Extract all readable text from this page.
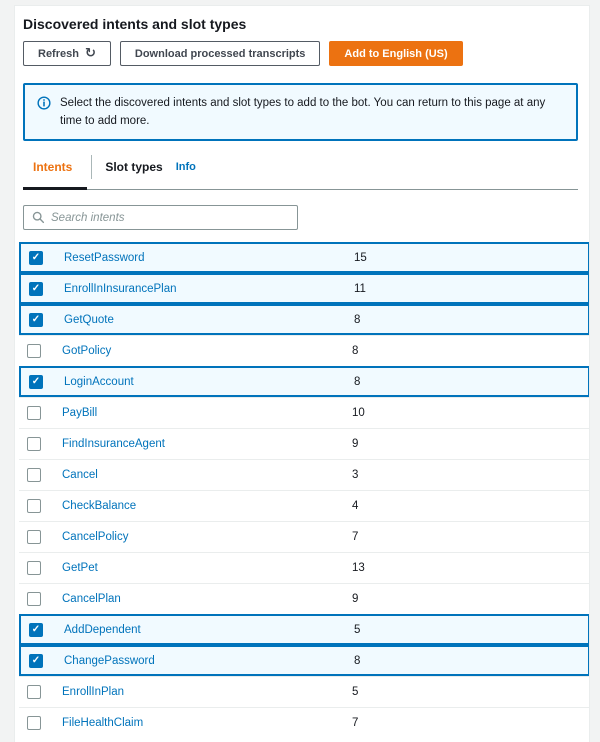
Discovered intents and slot types
Refresh ↻	Download processed transcripts	Add to English (US)
Select the discovered intents and slot types to add to the bot. You can return to this page at any time to add more.
Intents	Slot types	Info
Search intents
✓ ResetPassword	15
✓ EnrollInInsurancePlan	11
✓ GetQuote	8
GotPolicy	8
✓ LoginAccount	8
PayBill	10
FindInsuranceAgent	9
Cancel	3
CheckBalance	4
CancelPolicy	7
GetPet	13
CancelPlan	9
✓ AddDependent	5
✓ ChangePassword	8
EnrollInPlan	5
FileHealthClaim	7
